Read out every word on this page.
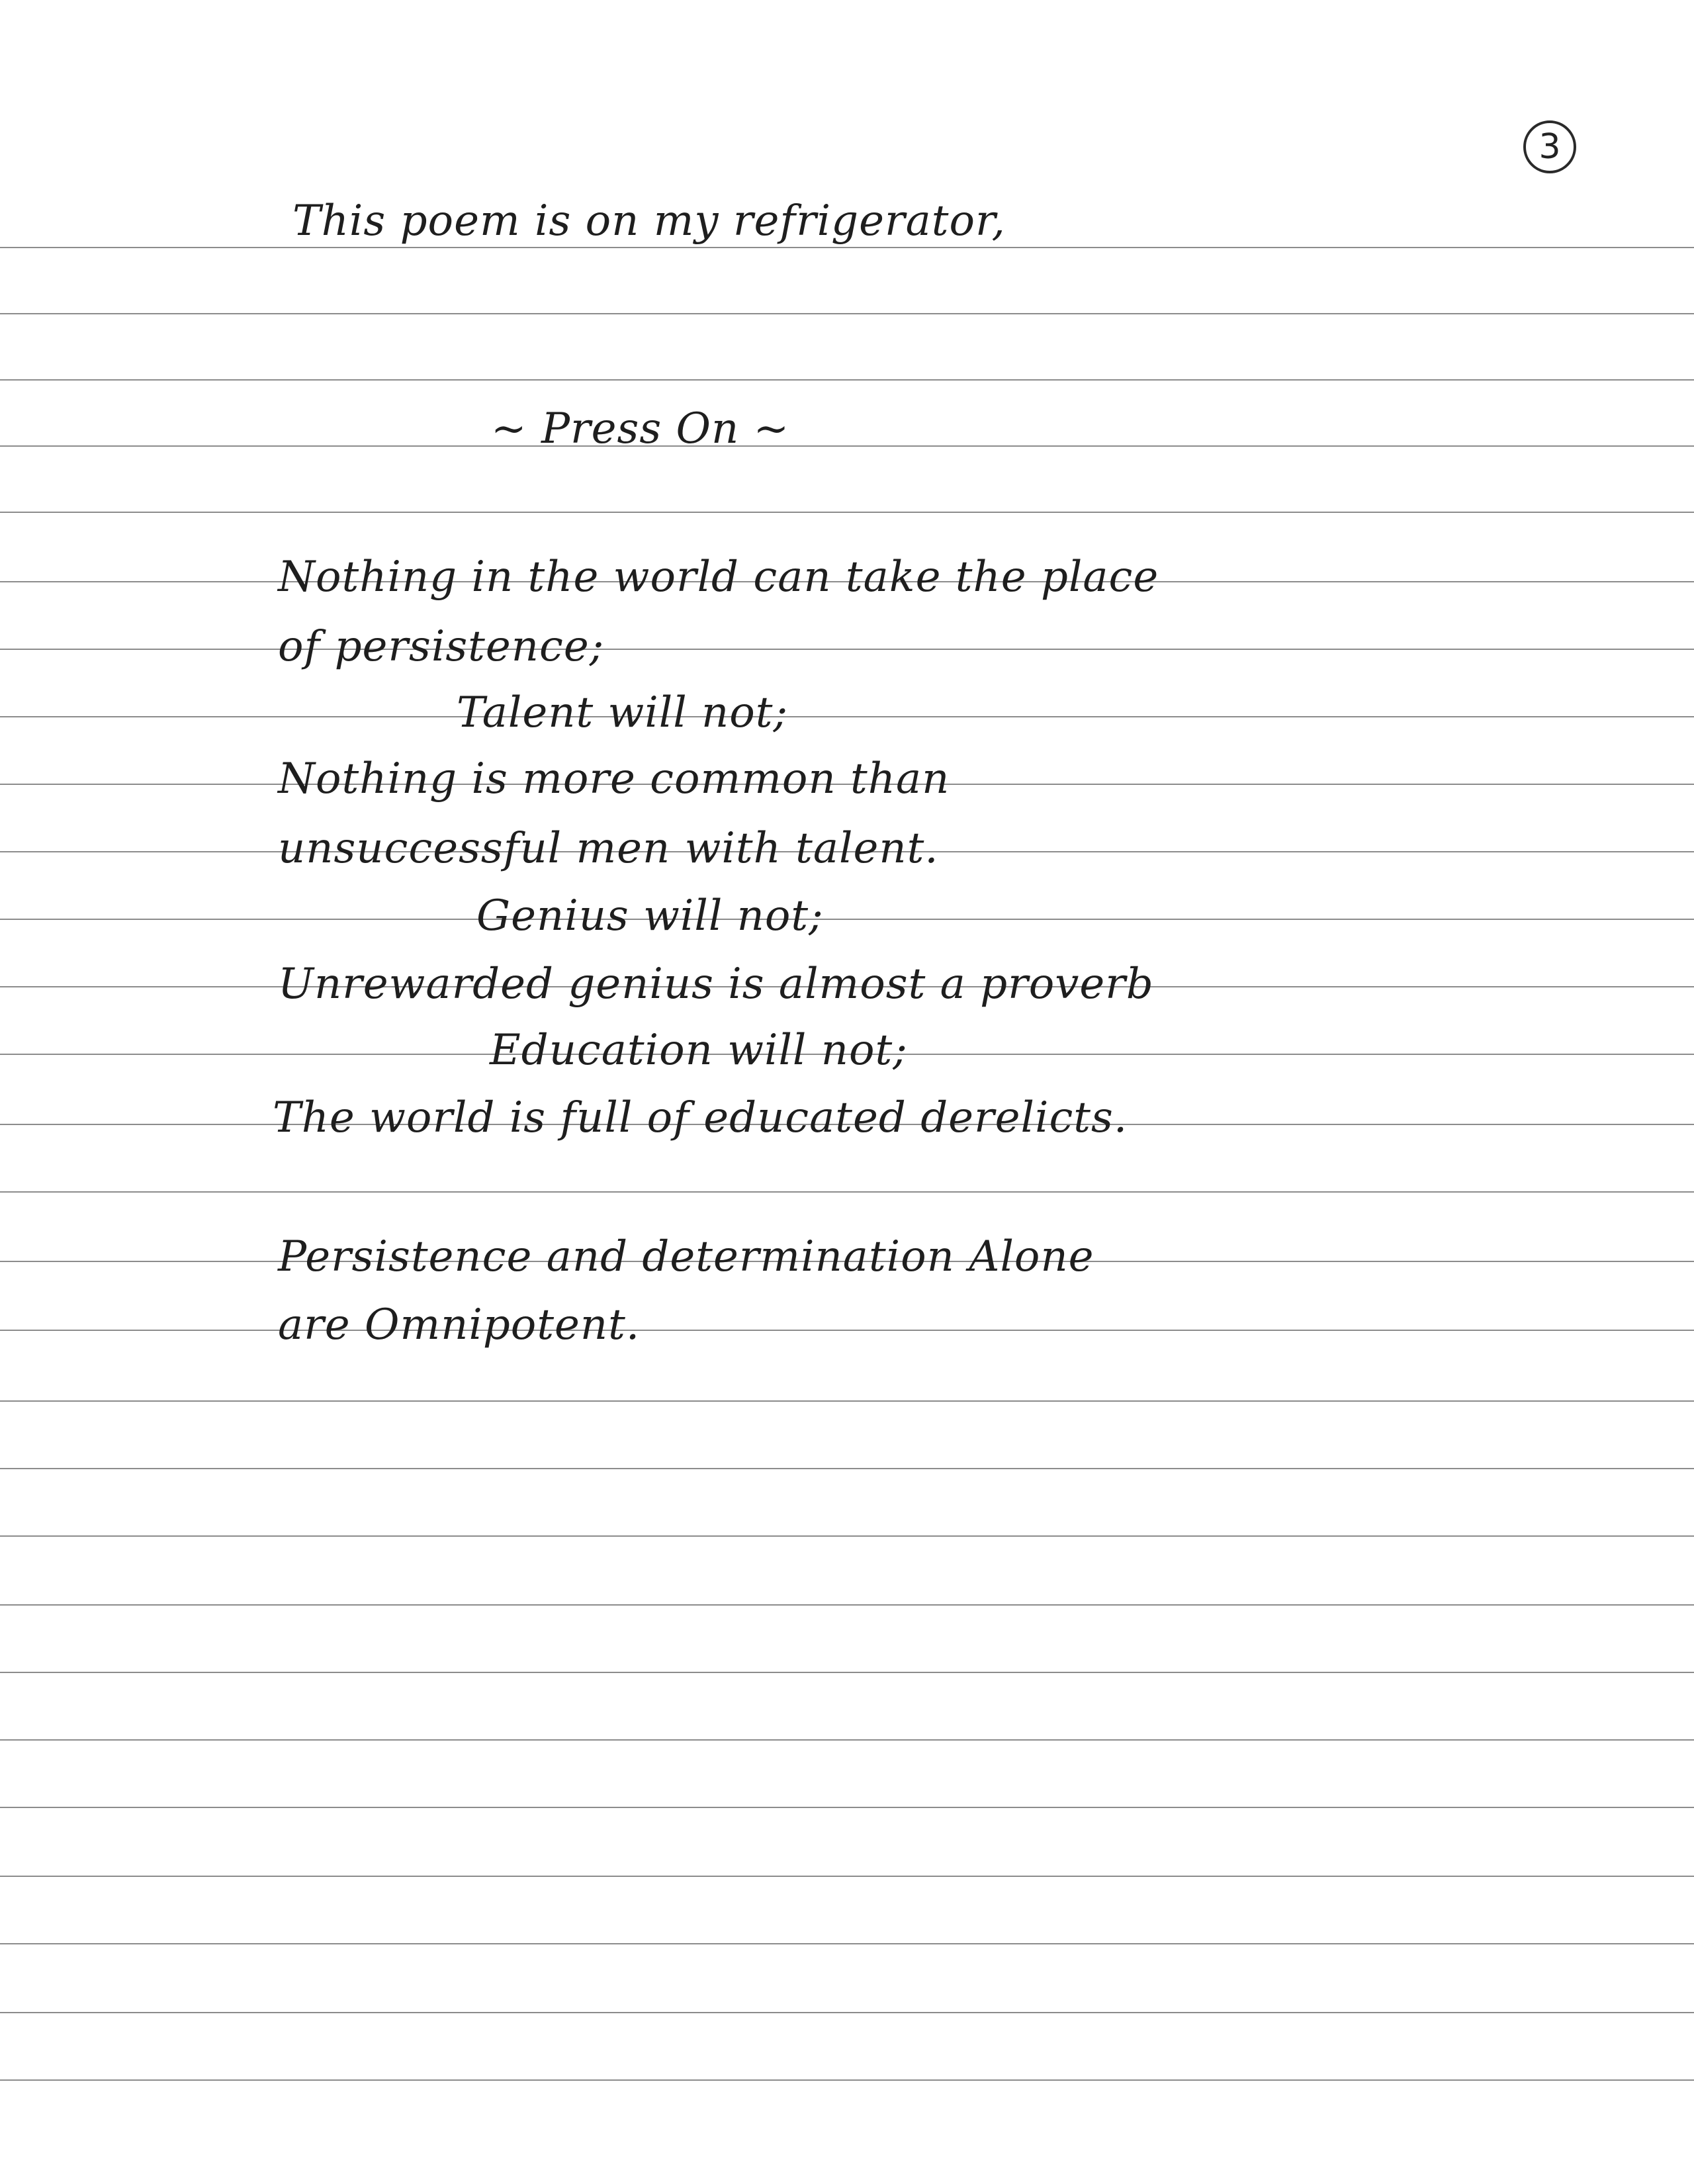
3
This poem is on my refrigerator,
~ Press On ~
Nothing in the world can take the place
of persistence;
Talent will not;
Nothing is more common than
unsuccessful men with talent.
Genius will not;
Unrewarded genius is almost a proverb
Education will not;
The world is full of educated derelicts.
Persistence and determination Alone
are Omnipotent.
